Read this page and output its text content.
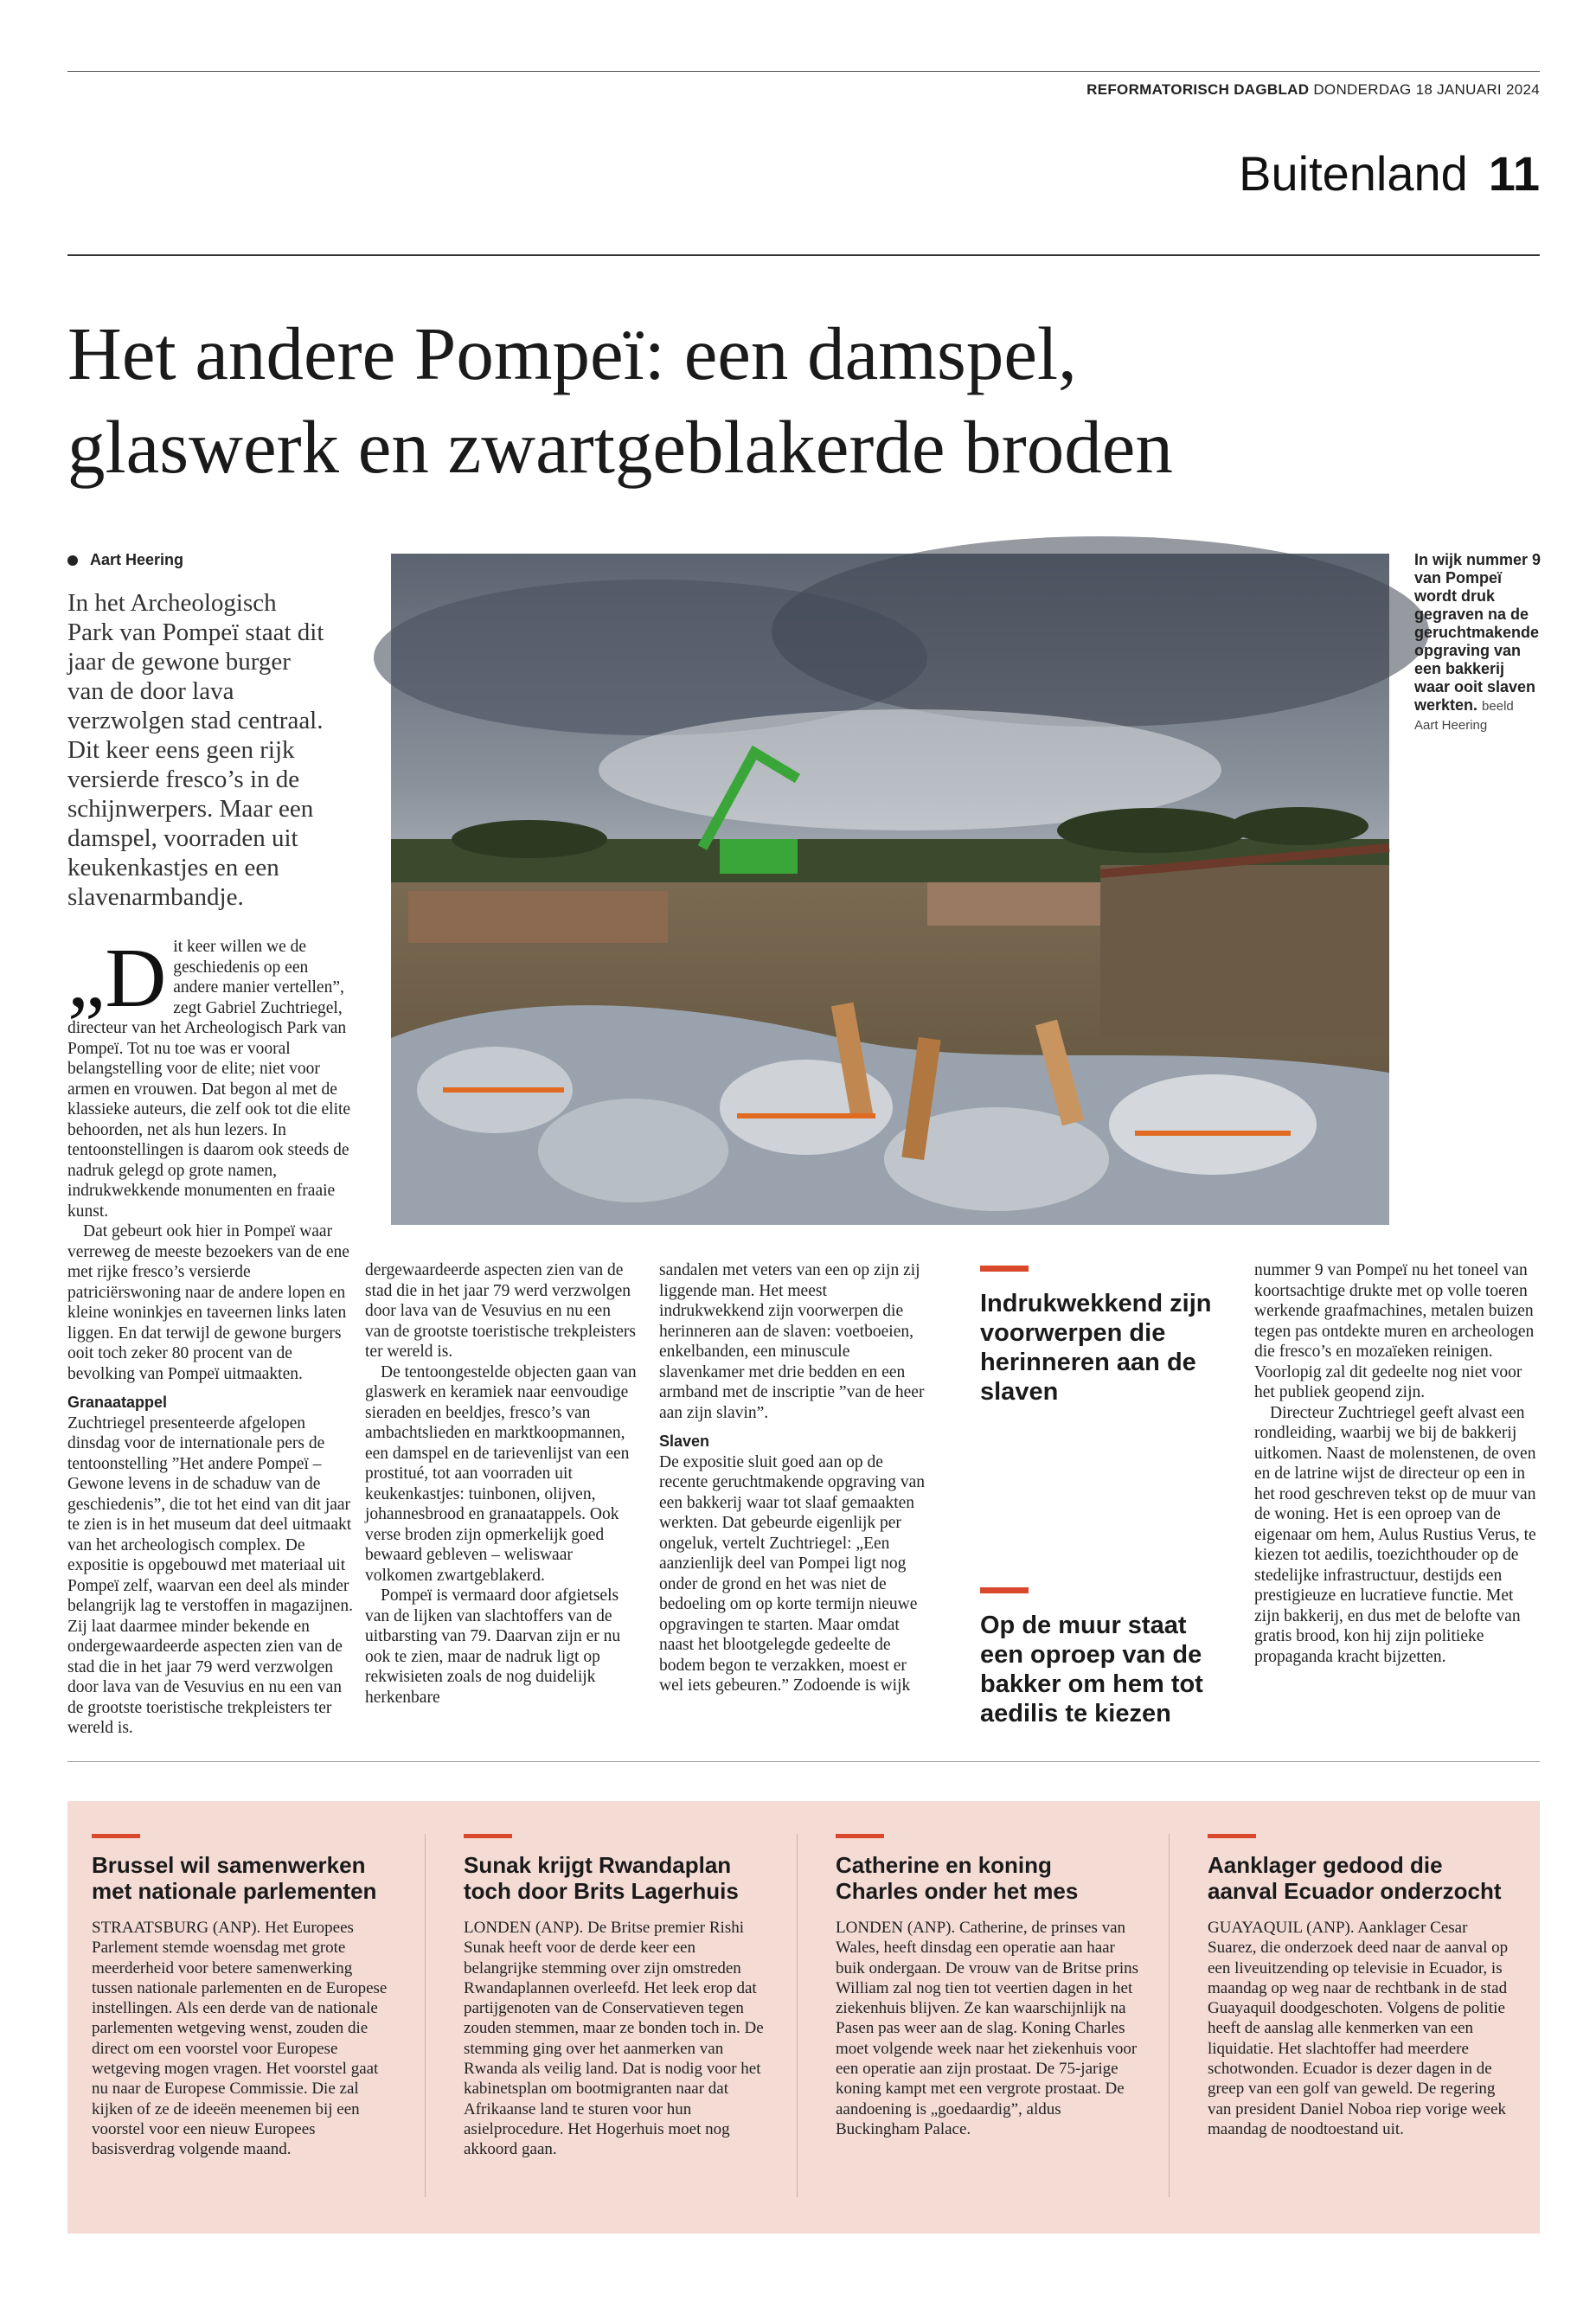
REFORMATORISCH DAGBLAD DONDERDAG 18 JANUARI 2024
Buitenland 11
Het andere Pompeï: een damspel,
glaswerk en zwartgeblakerde broden
Aart Heering
In het Archeologisch Park van Pompeï staat dit jaar de gewone burger van de door lava verzwolgen stad centraal. Dit keer eens geen rijk versierde fresco’s in de schijnwerpers. Maar een damspel, voorraden uit keukenkastjes en een slavenarmbandje.
„D it keer willen we de geschiedenis op een andere manier vertellen”, zegt Gabriel Zuchtriegel, directeur van het Archeologisch Park van Pompeï. Tot nu toe was er vooral belangstelling voor de elite; niet voor armen en vrouwen. Dat begon al met de klassieke auteurs, die zelf ook tot die elite behoorden, net als hun lezers. In tentoonstellingen is daarom ook steeds de nadruk gelegd op grote namen, indrukwekkende monumenten en fraaie kunst.

Dat gebeurt ook hier in Pompeï waar verreweg de meeste bezoekers van de ene met rijke fresco’s versierde patriciërswoning naar de andere lopen en kleine woninkjes en taveernen links laten liggen. En dat terwijl de gewone burgers ooit toch zeker 80 procent van de bevolking van Pompeï uitmaakten.

Granaatappel

Zuchtriegel presenteerde afgelopen dinsdag voor de internationale pers de tentoonstelling ”Het andere Pompeï – Gewone levens in de schaduw van de geschiedenis”, die tot het eind van dit jaar te zien is in het museum dat deel uitmaakt van het archeologisch complex. De expositie is opgebouwd met materiaal uit Pompeï zelf, waarvan een deel als minder belangrijk lag te verstoffen in magazijnen. Zij laat daarmee minder bekende en ondergewaardeerde aspecten zien van de stad die in het jaar 79 werd verzwolgen door lava van de Vesuvius en nu een van de grootste toeristische trekpleisters ter wereld is.

In wijk nummer 9 van Pompeï wordt druk gegraven na de geruchtmakende opgraving van een bakkerij waar ooit slaven werkten. beeld
Aart Heering

dergewaardeerde aspecten zien van de stad die in het jaar 79 werd verzwolgen door lava van de Vesuvius en nu een van de grootste toeristische trekpleisters ter wereld is.

De tentoongestelde objecten gaan van glaswerk en keramiek naar eenvoudige sieraden en beeldjes, fresco’s van ambachtslieden en marktkoopmannen, een damspel en de tarievenlijst van een prostitué, tot aan voorraden uit keukenkastjes: tuinbonen, olijven, johannesbrood en granaatappels. Ook verse broden zijn opmerkelijk goed bewaard gebleven – weliswaar volkomen zwartgeblakerd.

Pompeï is vermaard door afgietsels van de lijken van slachtoffers van de uitbarsting van 79. Daarvan zijn er nu ook te zien, maar de nadruk ligt op rekwisieten zoals de nog duidelijk herkenbare

sandalen met veters van een op zijn zij liggende man. Het meest indrukwekkend zijn voorwerpen die herinneren aan de slaven: voetboeien, enkelbanden, een minuscule slavenkamer met drie bedden en een armband met de inscriptie ”van de heer aan zijn slavin”.

Slaven

De expositie sluit goed aan op de recente geruchtmakende opgraving van een bakkerij waar tot slaaf gemaakten werkten. Dat gebeurde eigenlijk per ongeluk, vertelt Zuchtriegel: „Een aanzienlijk deel van Pompei ligt nog onder de grond en het was niet de bedoeling om op korte termijn nieuwe opgravingen te starten. Maar omdat naast het blootgelegde gedeelte de bodem begon te verzakken, moest er wel iets gebeuren.” Zodoende is wijk

Indrukwekkend zijn voorwerpen die herinneren aan de slaven
Op de muur staat een oproep van de bakker om hem tot aedilis te kiezen

nummer 9 van Pompeï nu het toneel van koortsachtige drukte met op volle toeren werkende graafmachines, metalen buizen tegen pas ontdekte muren en archeologen die fresco’s en mozaïeken reinigen. Voorlopig zal dit gedeelte nog niet voor het publiek geopend zijn.

Directeur Zuchtriegel geeft alvast een rondleiding, waarbij we bij de bakkerij uitkomen. Naast de molenstenen, de oven en de latrine wijst de directeur op een in het rood geschreven tekst op de muur van de woning. Het is een oproep van de eigenaar om hem, Aulus Rustius Verus, te kiezen tot aedilis, toezichthouder op de stedelijke infrastructuur, destijds een prestigieuze en lucratieve functie. Met zijn bakkerij, en dus met de belofte van gratis brood, kon hij zijn politieke propaganda kracht bijzetten.

Brussel wil samenwerken met nationale parlementen

STRAATSBURG (ANP). Het Europees Parlement stemde woensdag met grote meerderheid voor betere samenwerking tussen nationale parlementen en de Europese instellingen. Als een derde van de nationale parlementen wetgeving wenst, zouden die direct om een voorstel voor Europese wetgeving mogen vragen. Het voorstel gaat nu naar de Europese Commissie. Die zal kijken of ze de ideeën meenemen bij een voorstel voor een nieuw Europees basisverdrag volgende maand.

Sunak krijgt Rwandaplan toch door Brits Lagerhuis

LONDEN (ANP). De Britse premier Rishi Sunak heeft voor de derde keer een belangrijke stemming over zijn omstreden Rwandaplannen overleefd. Het leek erop dat partijgenoten van de Conservatieven tegen zouden stemmen, maar ze bonden toch in. De stemming ging over het aanmerken van Rwanda als veilig land. Dat is nodig voor het kabinetsplan om bootmigranten naar dat Afrikaanse land te sturen voor hun asielprocedure. Het Hogerhuis moet nog akkoord gaan.

Catherine en koning Charles onder het mes

LONDEN (ANP). Catherine, de prinses van Wales, heeft dinsdag een operatie aan haar buik ondergaan. De vrouw van de Britse prins William zal nog tien tot veertien dagen in het ziekenhuis blijven. Ze kan waarschijnlijk na Pasen pas weer aan de slag. Koning Charles moet volgende week naar het ziekenhuis voor een operatie aan zijn prostaat. De 75-jarige koning kampt met een vergrote prostaat. De aandoening is „goedaardig”, aldus Buckingham Palace.

Aanklager gedood die aanval Ecuador onderzocht

GUAYAQUIL (ANP). Aanklager Cesar Suarez, die onderzoek deed naar de aanval op een liveuitzending op televisie in Ecuador, is maandag op weg naar de rechtbank in de stad Guayaquil doodgeschoten. Volgens de politie heeft de aanslag alle kenmerken van een liquidatie. Het slachtoffer had meerdere schotwonden. Ecuador is dezer dagen in de greep van een golf van geweld. De regering van president Daniel Noboa riep vorige week maandag de noodtoestand uit.
